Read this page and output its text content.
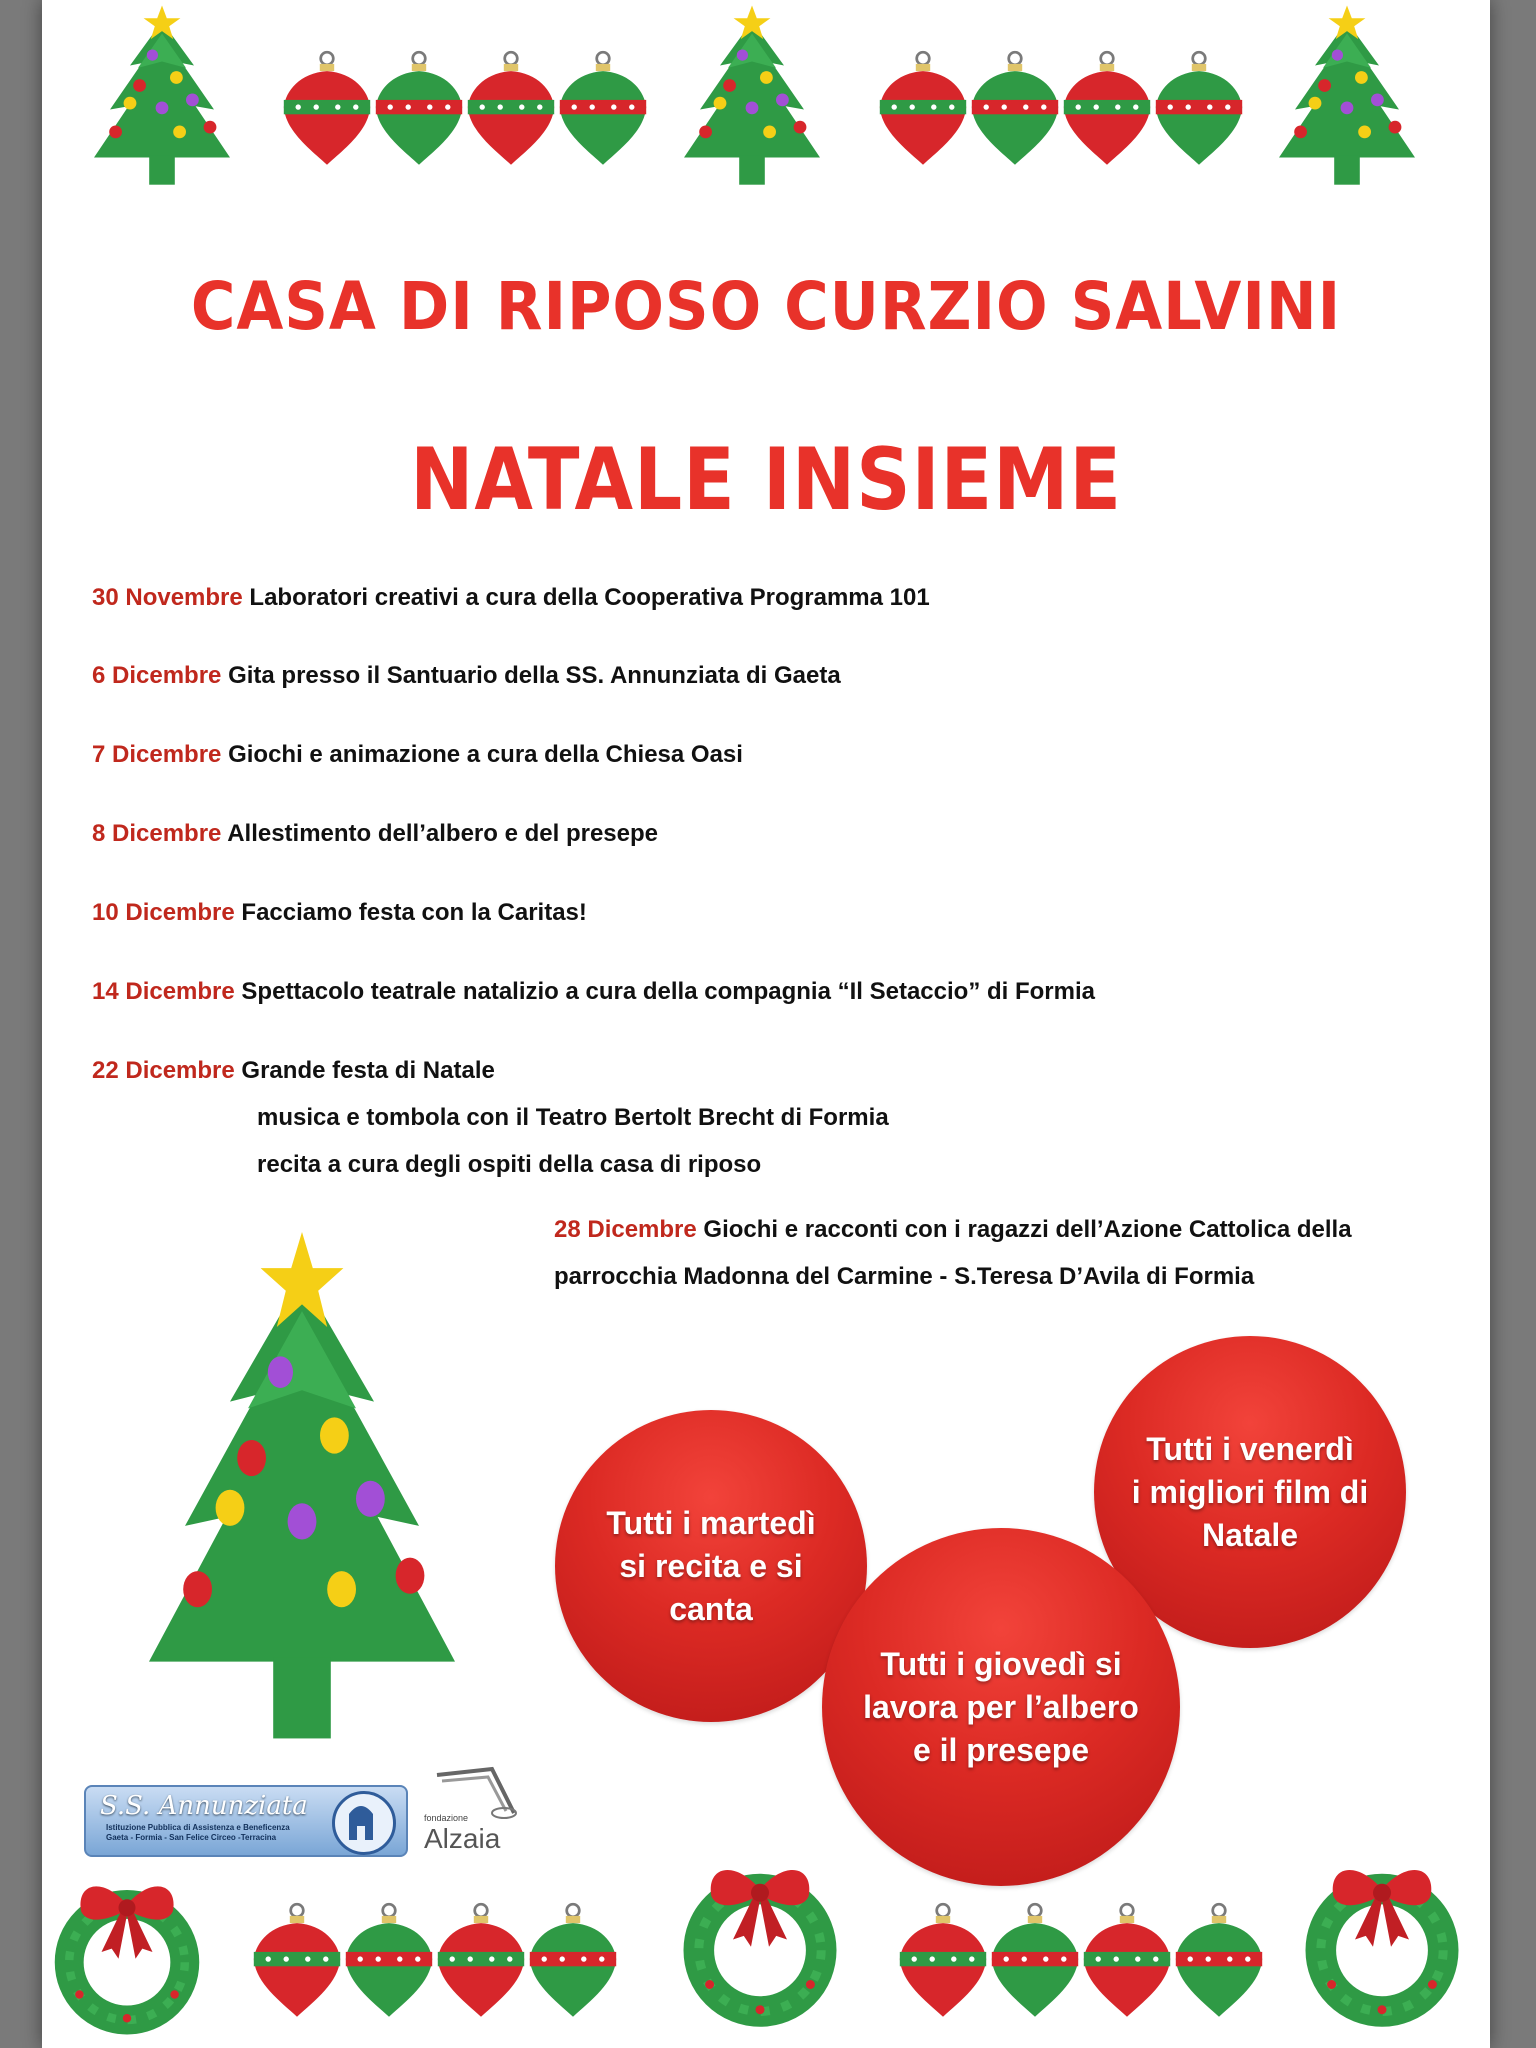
CASA DI RIPOSO CURZIO SALVINI
NATALE INSIEME
30 Novembre Laboratori creativi a cura della Cooperativa Programma 101
6 Dicembre Gita presso il Santuario della SS. Annunziata di Gaeta
7 Dicembre Giochi e animazione a cura della Chiesa Oasi
8 Dicembre Allestimento dell’albero e del presepe
10 Dicembre Facciamo festa con la Caritas!
14 Dicembre Spettacolo teatrale natalizio a cura della compagnia “Il Setaccio” di Formia
22 Dicembre Grande festa di Natale
musica e tombola con il Teatro Bertolt Brecht di Formia
recita a cura degli ospiti della casa di riposo
28 Dicembre Giochi e racconti con i ragazzi dell’Azione Cattolica della
parrocchia Madonna del Carmine - S.Teresa D’Avila di Formia
Tutti i martedì
si recita e si
canta
Tutti i venerdì
i migliori film di
Natale
Tutti i giovedì si
lavora per l’albero
e il presepe
S.S. Annunziata
Istituzione Pubblica di Assistenza e Beneficenza
Gaeta - Formia - San Felice Circeo -Terracina
fondazione
Alzaia
